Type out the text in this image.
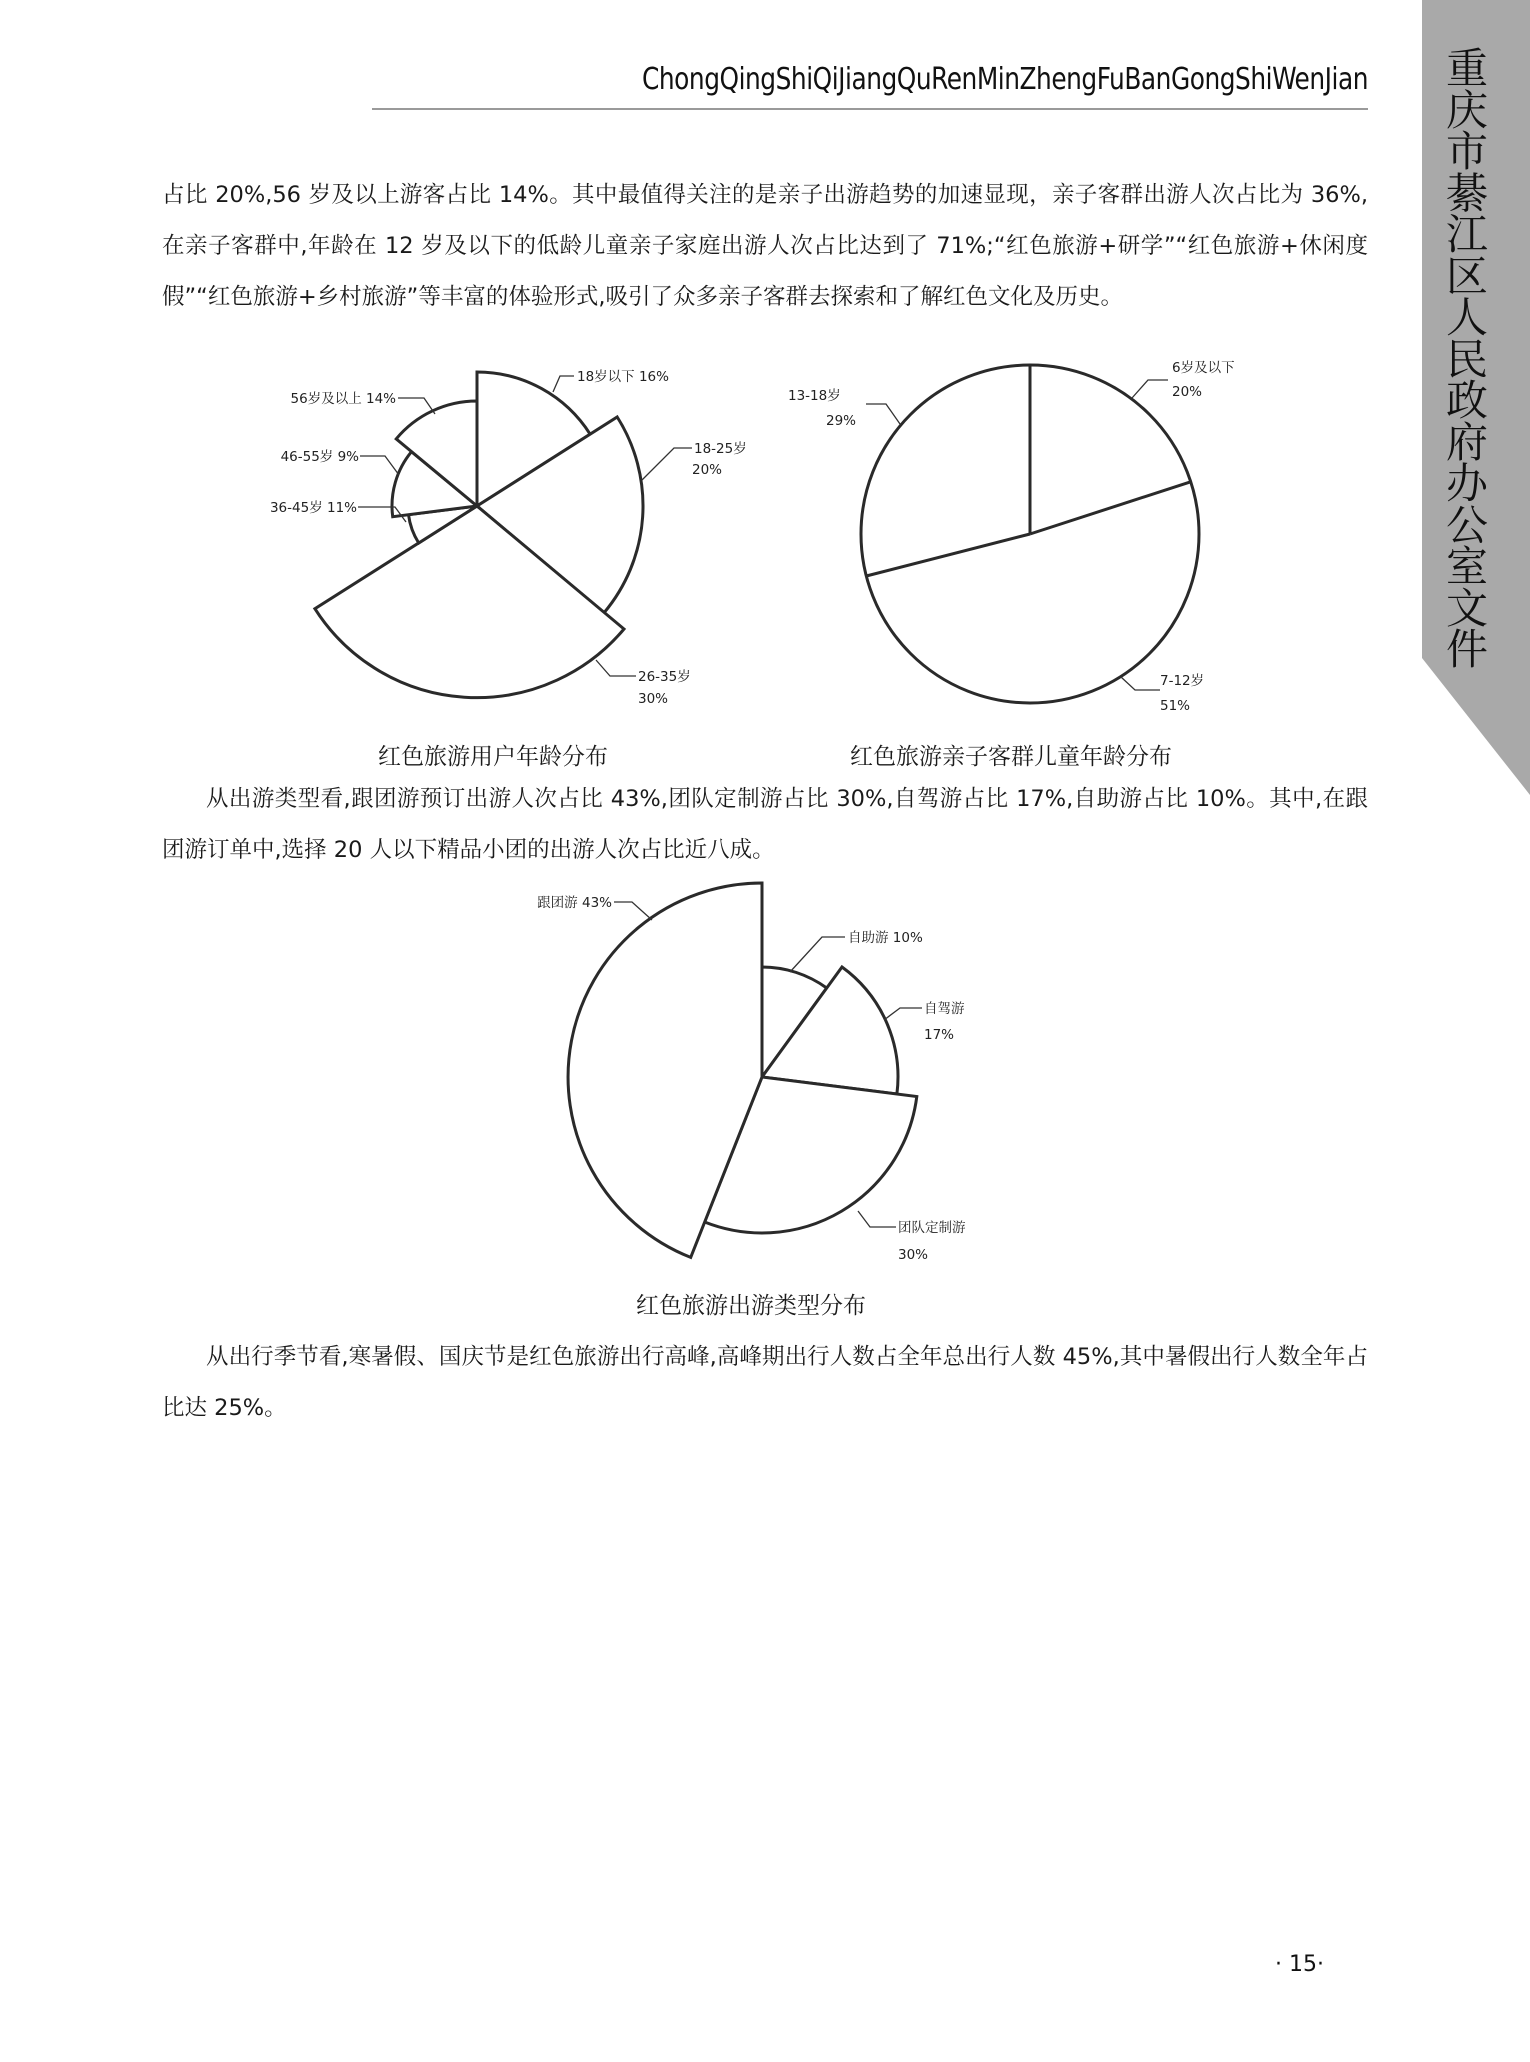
ChongQingShiQiJiangQuRenMinZhengFuBanGongShiWenJian 重
庆
市
綦
江
区
人
民
政
府
办
公
室
文
件
占比 20%,56 岁及以上游客占比 14%。其中最值得关注的是亲子出游趋势的加速显现，亲子客群出游人次占比为 36%,在亲子客群中,年龄在 12 岁及以下的低龄儿童亲子家庭出游人次占比达到了 71%;“红色旅游+研学”“红色旅游+休闲度假”“红色旅游+乡村旅游”等丰富的体验形式,吸引了众多亲子客群去探索和了解红色文化及历史。
18岁以下 16%
18-25岁
20%
26-35岁
30%
36-45岁 11%
46-55岁 9%
56岁及以上 14%
6岁及以下
20%
7-12岁
51%
13-18岁
29%
自助游 10%
自驾游
17%
团队定制游
30%
跟团游 43%
红色旅游用户年龄分布	红色旅游亲子客群儿童年龄分布
从出游类型看,跟团游预订出游人次占比 43%,团队定制游占比 30%,自驾游占比 17%,自助游占比 10%。其中,在跟团游订单中,选择 20 人以下精品小团的出游人次占比近八成。
红色旅游出游类型分布
从出行季节看,寒暑假、国庆节是红色旅游出行高峰,高峰期出行人数占全年总出行人数 45%,其中暑假出行人数全年占比达 25%。
· 15·
